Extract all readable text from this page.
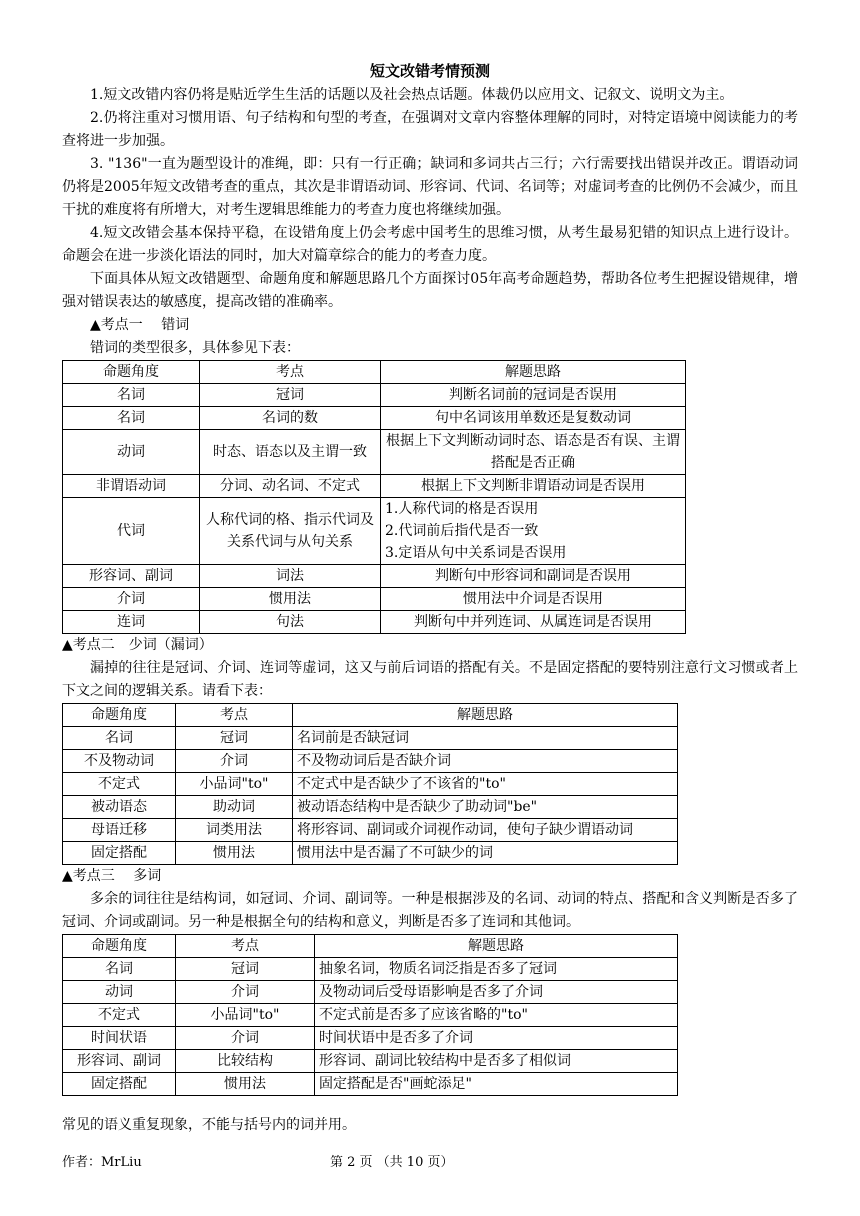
短文改错考情预测

1.短文改错内容仍将是贴近学生生活的话题以及社会热点话题。体裁仍以应用文、记叙文、说明文为主。

2.仍将注重对习惯用语、句子结构和句型的考查，在强调对文章内容整体理解的同时，对特定语境中阅读能力的考查将进一步加强。

3. "136"一直为题型设计的准绳，即：只有一行正确；缺词和多词共占三行；六行需要找出错误并改正。谓语动词仍将是2005年短文改错考查的重点，其次是非谓语动词、形容词、代词、名词等；对虚词考查的比例仍不会减少，而且干扰的难度将有所增大，对考生逻辑思维能力的考查力度也将继续加强。

4.短文改错会基本保持平稳，在设错角度上仍会考虑中国考生的思维习惯，从考生最易犯错的知识点上进行设计。 命题会在进一步淡化语法的同时，加大对篇章综合的能力的考查力度。

下面具体从短文改错题型、命题角度和解题思路几个方面探讨05年高考命题趋势，帮助各位考生把握设错规律，增强对错误表达的敏感度，提高改错的准确率。

▲考点一　 错词

错词的类型很多，具体参见下表：

命题角度	考点	解题思路
名词	冠词	判断名词前的冠词是否误用
名词	名词的数	句中名词该用单数还是复数动词
动词	时态、语态以及主谓一致	根据上下文判断动词时态、语态是否有误、主谓搭配是否正确
非谓语动词	分词、动名词、不定式	根据上下文判断非谓语动词是否误用
代词	人称代词的格、指示代词及关系代词与从句关系	1.人称代词的格是否误用
2.代词前后指代是否一致
3.定语从句中关系词是否误用

形容词、副词	词法	判断句中形容词和副词是否误用
介词	惯用法	惯用法中介词是否误用
连词	句法	判断句中并列连词、从属连词是否误用
▲考点二　少词（漏词）

漏掉的往往是冠词、介词、连词等虚词，这又与前后词语的搭配有关。不是固定搭配的要特别注意行文习惯或者上下文之间的逻辑关系。请看下表：

命题角度	考点	解题思路
名词	冠词	名词前是否缺冠词
不及物动词	介词	不及物动词后是否缺介词
不定式	小品词"to"	不定式中是否缺少了不该省的"to"
被动语态	助动词	被动语态结构中是否缺少了助动词"be"
母语迁移	词类用法	将形容词、副词或介词视作动词，使句子缺少谓语动词
固定搭配	惯用法	惯用法中是否漏了不可缺少的词
▲考点三　 多词

多余的词往往是结构词，如冠词、介词、副词等。一种是根据涉及的名词、动词的特点、搭配和含义判断是否多了冠词、介词或副词。另一种是根据全句的结构和意义，判断是否多了连词和其他词。

命题角度	考点	解题思路
名词	冠词	抽象名词，物质名词泛指是否多了冠词
动词	介词	及物动词后受母语影响是否多了介词
不定式	小品词"to"	不定式前是否多了应该省略的"to"
时间状语	介词	时间状语中是否多了介词
形容词、副词	比较结构	形容词、副词比较结构中是否多了相似词
固定搭配	惯用法	固定搭配是否"画蛇添足"

常见的语义重复现象，不能与括号内的词并用。

作者：MrLiu	第 2 页 （共 10 页）
